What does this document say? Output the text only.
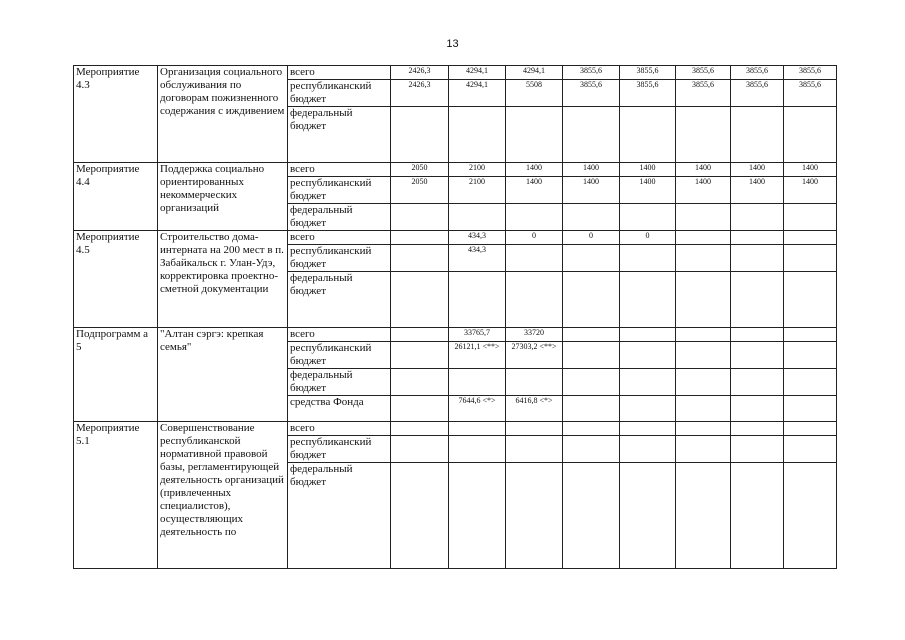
13
Мероприятие 4.3	Организация социального обслуживания по договорам пожизненного содержания с иждивением	всего	2426,3	4294,1	4294,1	3855,6	3855,6	3855,6	3855,6	3855,6
		республиканский бюджет	2426,3	4294,1	5508	3855,6	3855,6	3855,6	3855,6	3855,6
		федеральный бюджет								
Мероприятие 4.4	Поддержка социально ориентированных некоммерческих организаций	всего	2050	2100	1400	1400	1400	1400	1400	1400
		республиканский бюджет	2050	2100	1400	1400	1400	1400	1400	1400
		федеральный бюджет								
Мероприятие 4.5	Строительство дома-интерната на 200 мест в п. Забайкальск г. Улан-Удэ, корректировка проектно-сметной документации	всего		434,3	0	0	0			
		республиканский бюджет		434,3						
		федеральный бюджет								
Подпрограмм а 5	"Алтан сэргэ: крепкая семья"	всего		33765,7	33720					
		республиканский бюджет		26121,1 <**>	27303,2 <**>					
		федеральный бюджет								
		средства Фонда		7644,6 <*>	6416,8 <*>					
Мероприятие 5.1	Совершенствование республиканской нормативной правовой базы, регламентирующей деятельность организаций (привлеченных специалистов), осуществляющих деятельность по	всего								
		республиканский бюджет								
		федеральный бюджет								
